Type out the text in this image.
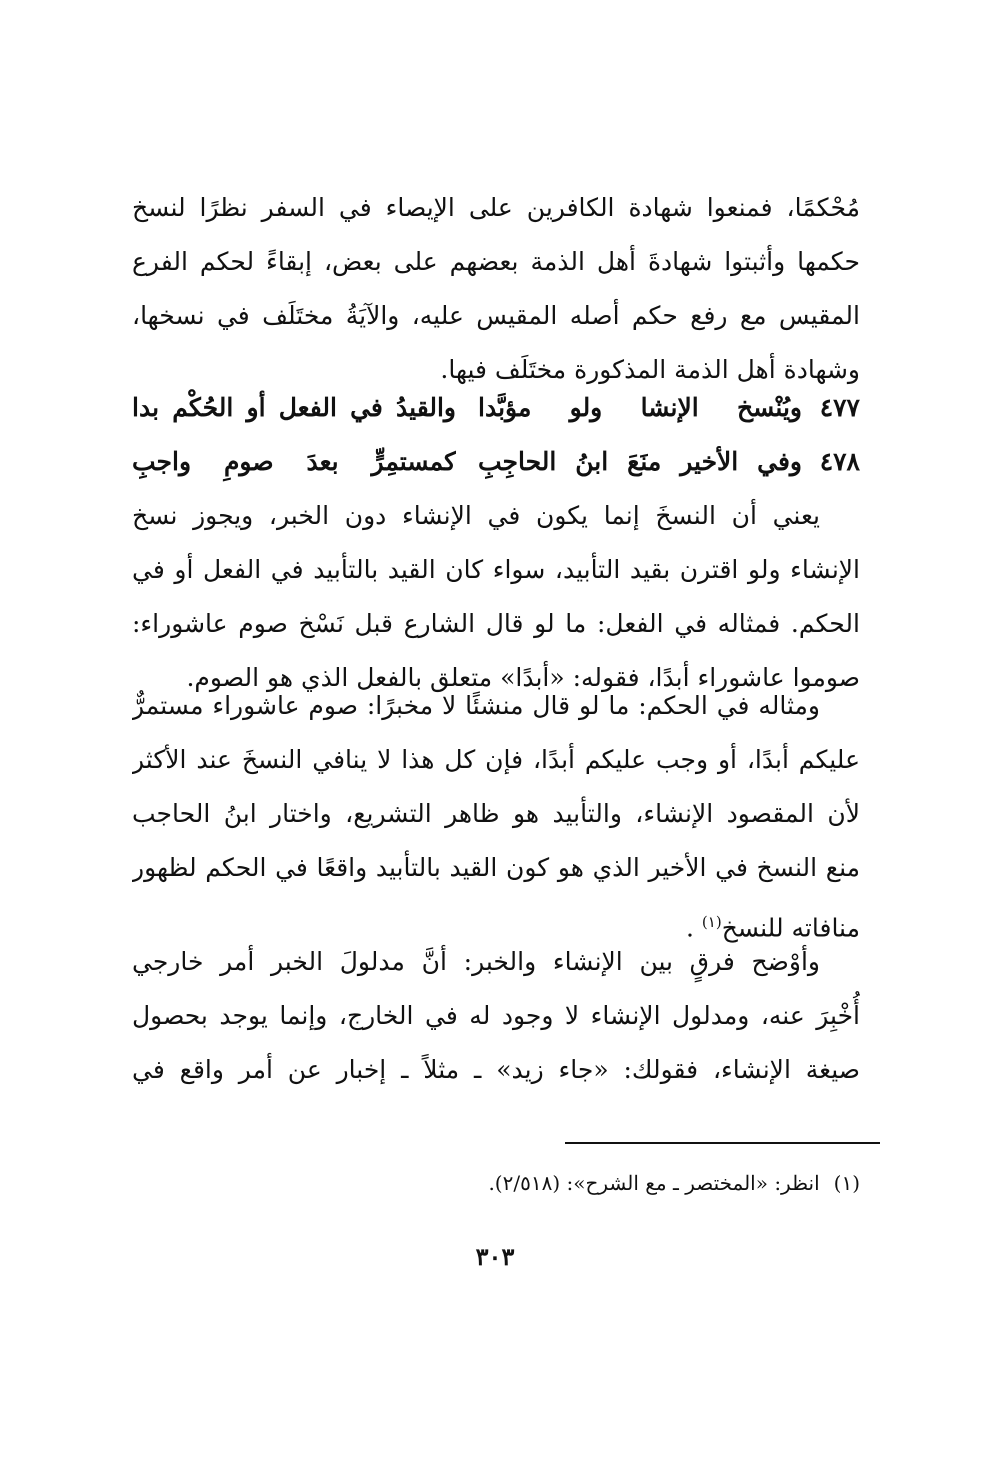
مُحْكمًا، فمنعوا شهادة الكافرين على الإيصاء في السفر نظرًا لنسخ
حكمها وأثبتوا شهادةَ أهل الذمة بعضهم على بعض، إبقاءً لحكم الفرع
المقيس مع رفع حكم أصله المقيس عليه، والآيَةُ مختَلَف في نسخها،
وشهادة أهل الذمة المذكورة مختَلَف فيها.
٤٧٧
ويُنْسخ الإنشا ولو مؤبَّدا
والقيدُ في الفعل أو الحُكْم بدا
٤٧٨
وفي الأخير منَعَ ابنُ الحاجِبِ
كمستمِرٍّ بعدَ صومِ واجبِ
يعني أن النسخَ إنما يكون في الإنشاء دون الخبر، ويجوز نسخ
الإنشاء ولو اقترن بقيد التأبيد، سواء كان القيد بالتأبيد في الفعل أو في
الحكم. فمثاله في الفعل: ما لو قال الشارع قبل نَسْخ صوم عاشوراء:
صوموا عاشوراء أبدًا، فقوله: «أبدًا» متعلق بالفعل الذي هو الصوم.
ومثاله في الحكم: ما لو قال منشئًا لا مخبرًا: صوم عاشوراء مستمرٌّ
عليكم أبدًا، أو وجب عليكم أبدًا، فإن كل هذا لا ينافي النسخَ عند الأكثر
لأن المقصود الإنشاء، والتأبيد هو ظاهر التشريع، واختار ابنُ الحاجب
منع النسخ في الأخير الذي هو كون القيد بالتأبيد واقعًا في الحكم لظهور
منافاته للنسخ$^{(١)}$ .
وأوْضح فرقٍ بين الإنشاء والخبر: أنَّ مدلولَ الخبر أمر خارجي
أُخْبِرَ عنه، ومدلول الإنشاء لا وجود له في الخارج، وإنما يوجد بحصول
صيغة الإنشاء، فقولك: «جاء زيد» ـ مثلاً ـ إخبار عن أمر واقع في
(١)انظر: «المختصر ـ مع الشرح»: (٢/٥١٨).
٣٠٣
